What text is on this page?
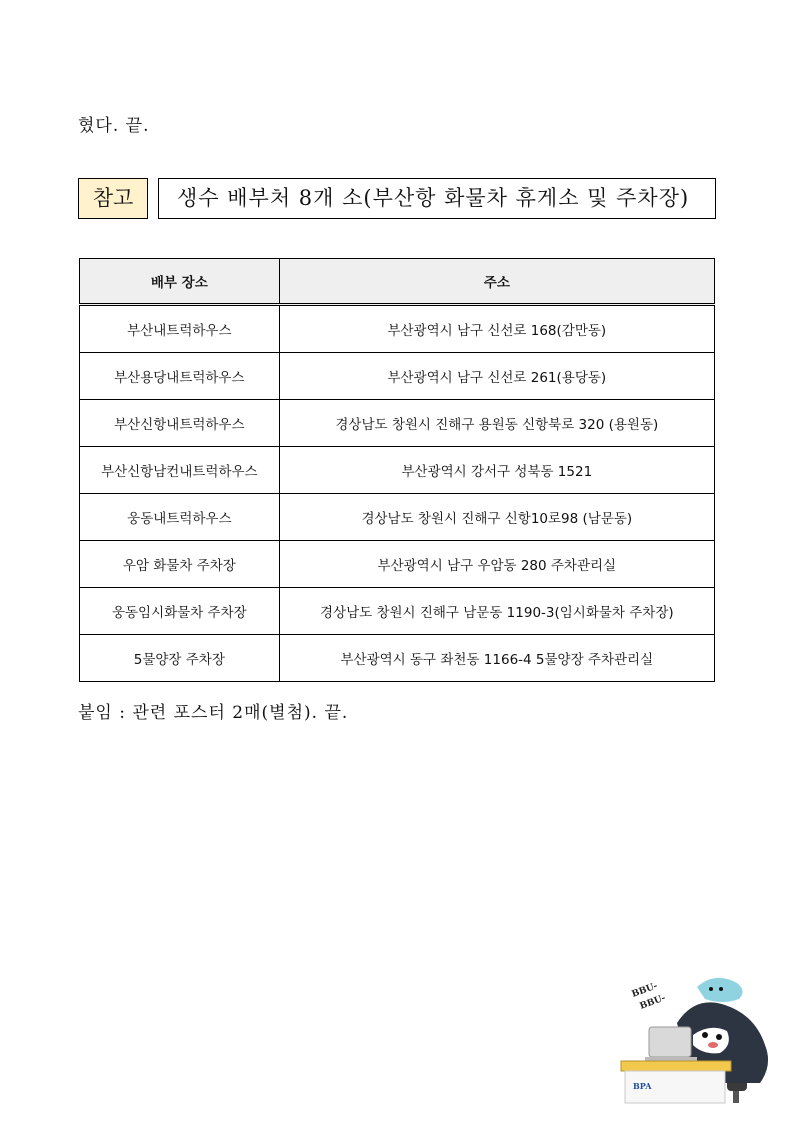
혔다. 끝.
참고	생수 배부처 8개 소(부산항 화물차 휴게소 및 주차장)
배부 장소	주소
부산내트럭하우스	부산광역시 남구 신선로 168(감만동)
부산용당내트럭하우스	부산광역시 남구 신선로 261(용당동)
부산신항내트럭하우스	경상남도 창원시 진해구 용원동 신항북로 320 (용원동)
부산신항남컨내트럭하우스	부산광역시 강서구 성북동 1521
웅동내트럭하우스	경상남도 창원시 진해구 신항10로98 (남문동)
우암 화물차 주차장	부산광역시 남구 우암동 280 주차관리실
웅동임시화물차 주차장	경상남도 창원시 진해구 남문동 1190-3(임시화물차 주차장)
5물양장 주차장	부산광역시 동구 좌천동 1166-4 5물양장 주차관리실
붙임 : 관련 포스터 2매(별첨). 끝.
BBU-
BBU-
BPA
